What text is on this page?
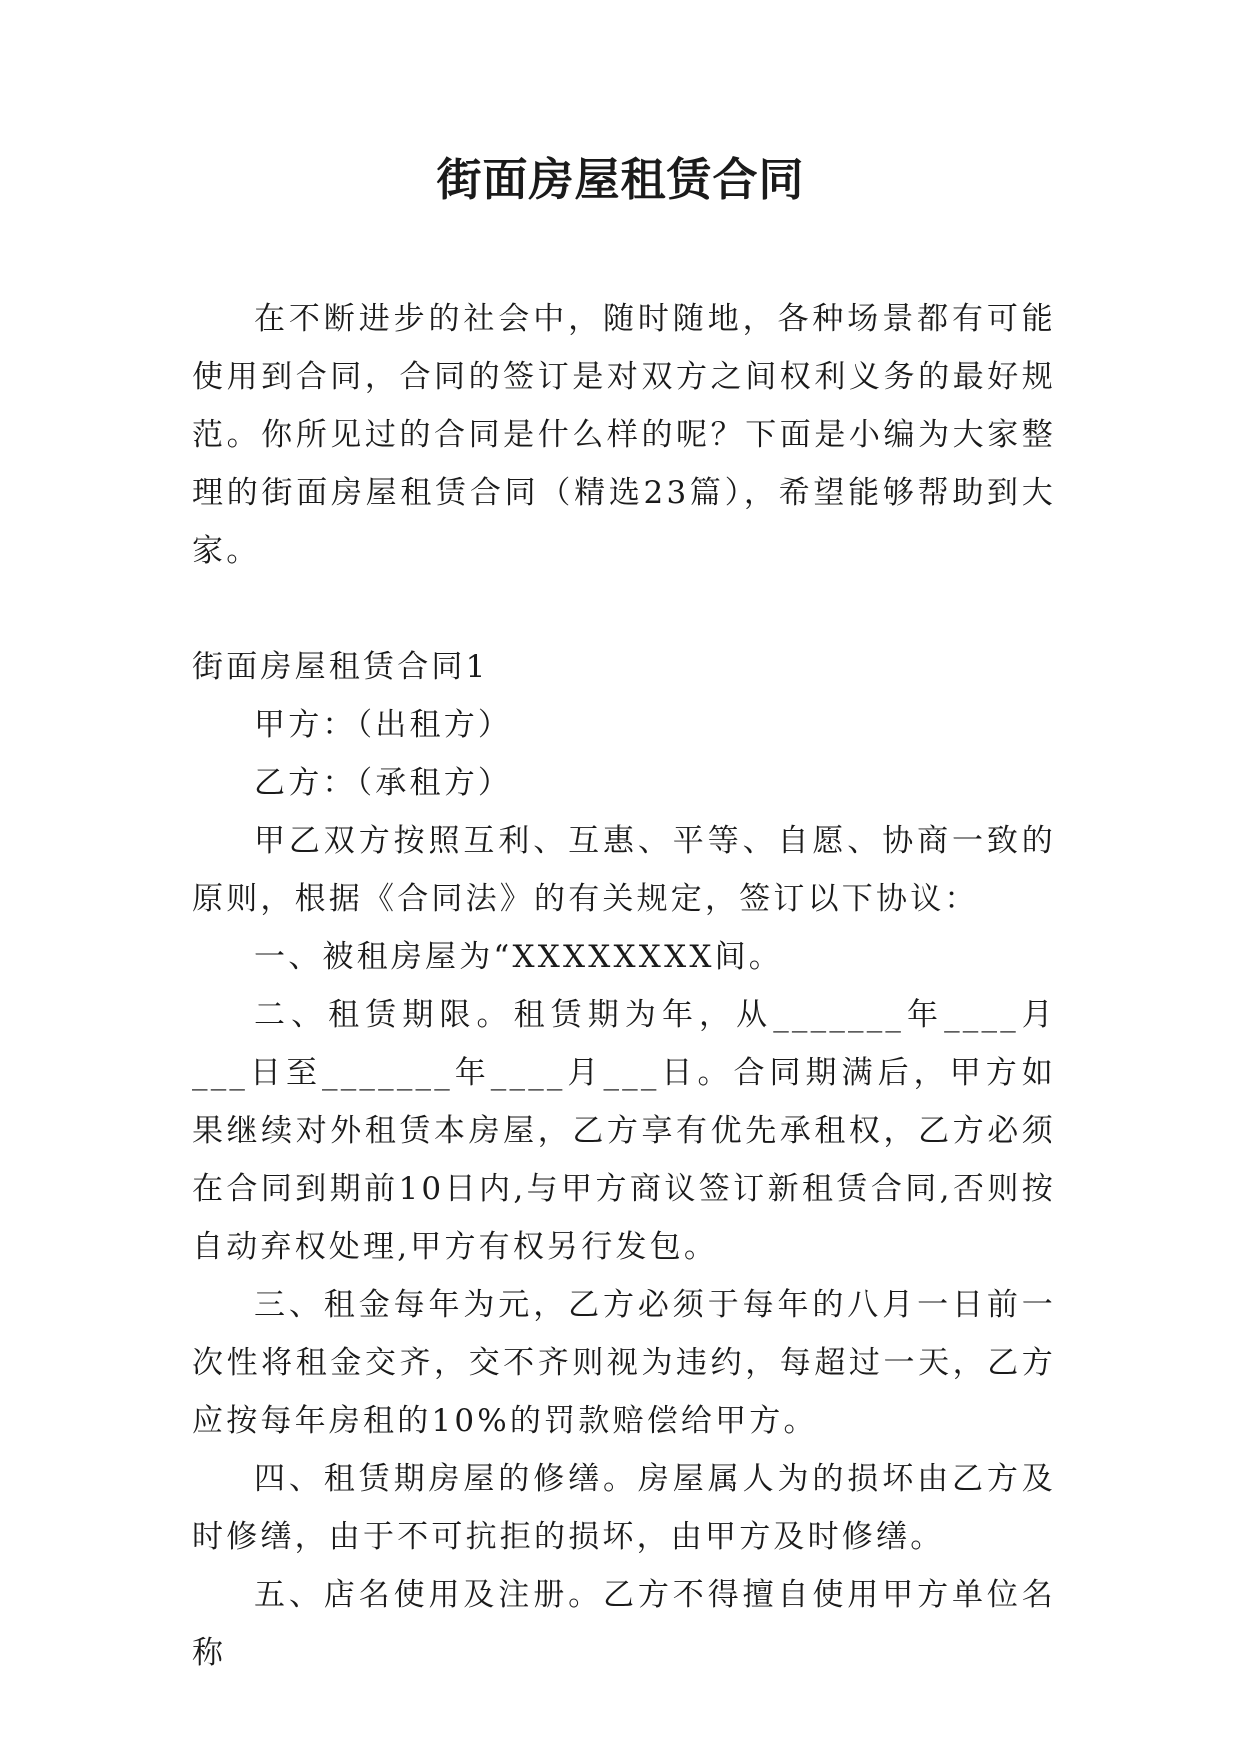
街面房屋租赁合同

在不断进步的社会中，随时随地，各种场景都有可能使用到合同，合同的签订是对双方之间权利义务的最好规范。你所见过的合同是什么样的呢？下面是小编为大家整理的街面房屋租赁合同（精选23篇），希望能够帮助到大家。

街面房屋租赁合同1

甲方：（出租方）

乙方：（承租方）

甲乙双方按照互利、互惠、平等、自愿、协商一致的原则，根据《合同法》的有关规定，签订以下协议：

一、被租房屋为“XXXXXXXX间。

二、租赁期限。租赁期为年，从_______年____月___日至_______年____月___日。合同期满后，甲方如果继续对外租赁本房屋，乙方享有优先承租权，乙方必须在合同到期前10日内,与甲方商议签订新租赁合同,否则按自动弃权处理,甲方有权另行发包。

三、租金每年为元，乙方必须于每年的八月一日前一次性将租金交齐，交不齐则视为违约，每超过一天，乙方应按每年房租的10%的罚款赔偿给甲方。

四、租赁期房屋的修缮。房屋属人为的损坏由乙方及时修缮，由于不可抗拒的损坏，由甲方及时修缮。

五、店名使用及注册。乙方不得擅自使用甲方单位名称
